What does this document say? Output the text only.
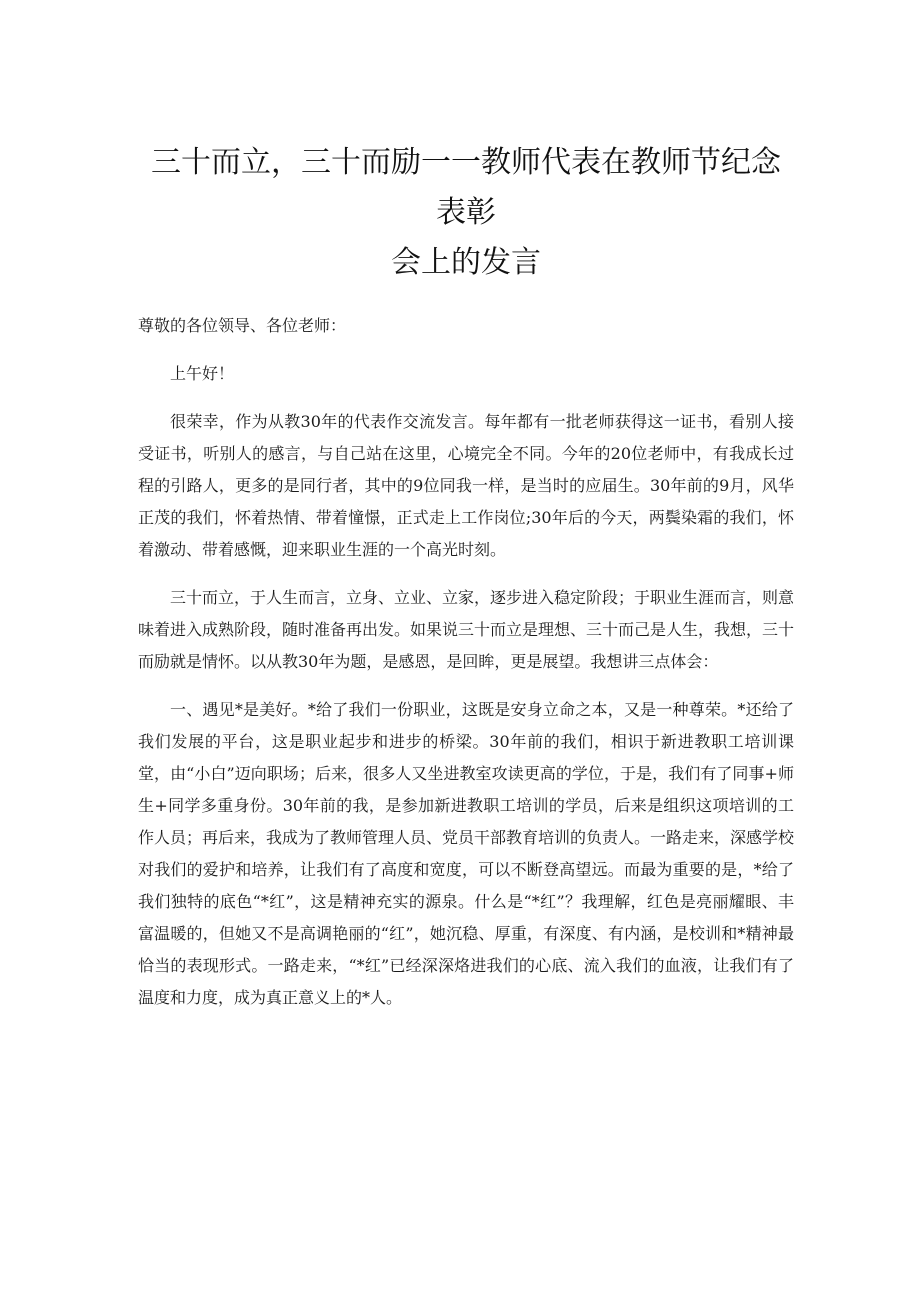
三十而立，三十而励一一教师代表在教师节纪念表彰
会上的发言

尊敬的各位领导、各位老师：

上午好！

很荣幸，作为从教30年的代表作交流发言。每年都有一批老师获得这一证书，看别人接受证书，听别人的感言，与自己站在这里，心境完全不同。今年的20位老师中，有我成长过程的引路人，更多的是同行者，其中的9位同我一样，是当时的应届生。30年前的9月，风华正茂的我们，怀着热情、带着憧憬，正式走上工作岗位;30年后的今天，两鬓染霜的我们，怀着激动、带着感慨，迎来职业生涯的一个高光时刻。

三十而立，于人生而言，立身、立业、立家，逐步进入稳定阶段；于职业生涯而言，则意味着进入成熟阶段，随时准备再出发。如果说三十而立是理想、三十而己是人生，我想，三十而励就是情怀。以从教30年为题，是感恩，是回眸，更是展望。我想讲三点体会：

一、遇见*是美好。*给了我们一份职业，这既是安身立命之本，又是一种尊荣。*还给了我们发展的平台，这是职业起步和进步的桥梁。30年前的我们，相识于新进教职工培训课堂，由“小白”迈向职场；后来，很多人又坐进教室攻读更高的学位，于是，我们有了同事+师生+同学多重身份。30年前的我，是参加新进教职工培训的学员，后来是组织这项培训的工作人员；再后来，我成为了教师管理人员、党员干部教育培训的负责人。一路走来，深感学校对我们的爱护和培养，让我们有了高度和宽度，可以不断登高望远。而最为重要的是，*给了我们独特的底色“*红”，这是精神充实的源泉。什么是“*红”？我理解，红色是亮丽耀眼、丰富温暖的，但她又不是高调艳丽的“红”，她沉稳、厚重，有深度、有内涵，是校训和*精神最恰当的表现形式。一路走来，“*红”已经深深烙进我们的心底、流入我们的血液，让我们有了温度和力度，成为真正意义上的*人。
